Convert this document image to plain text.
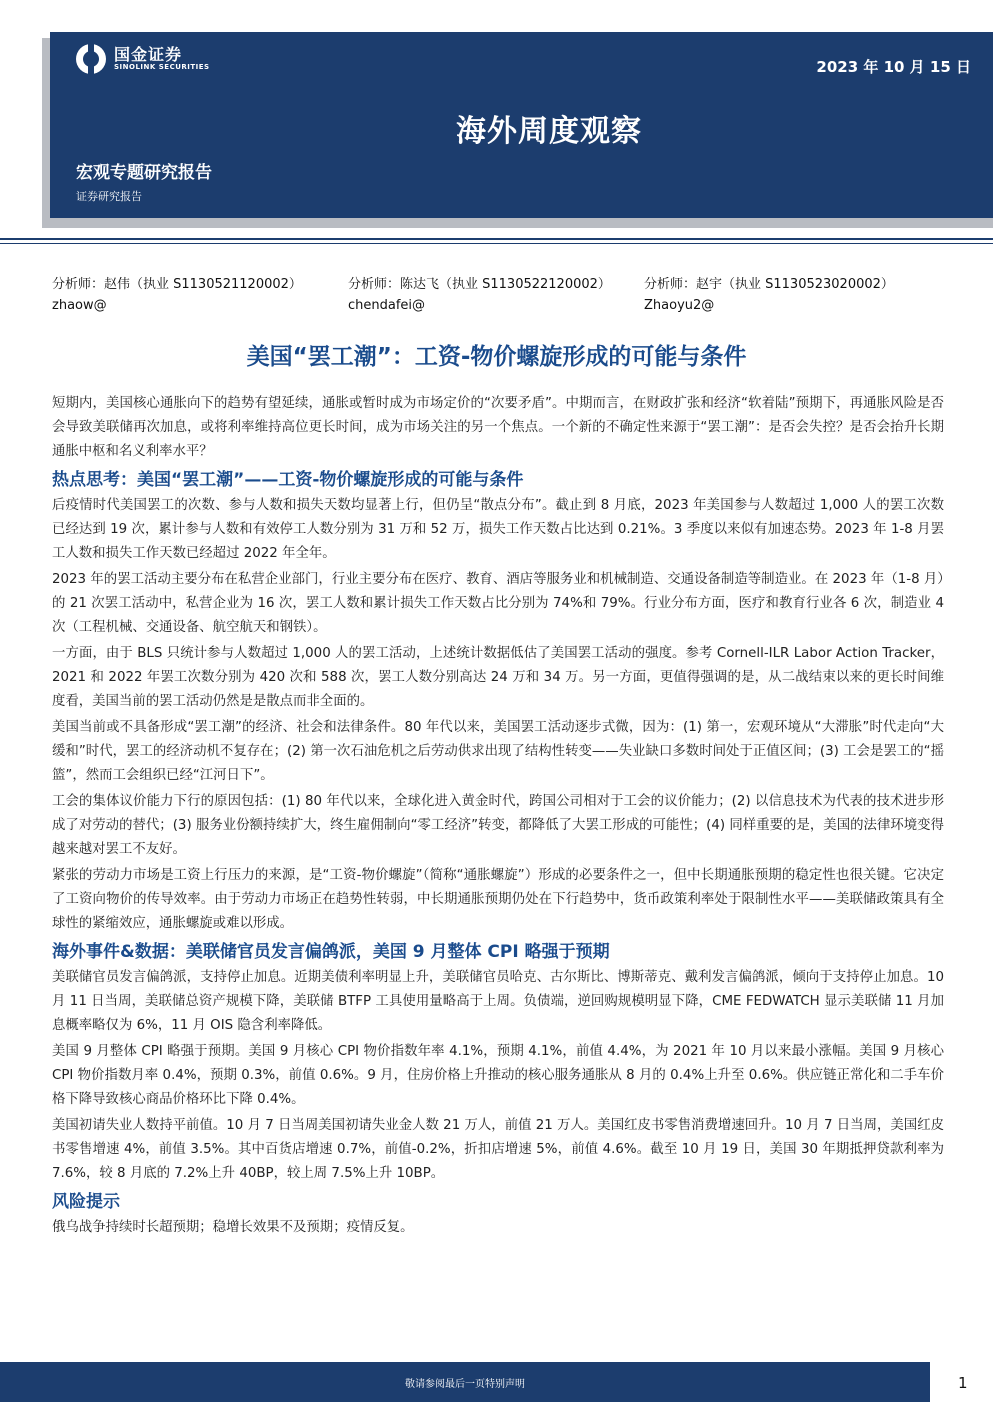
国金证券
SINOLINK SECURITIES	2023 年 10 月 15 日
海外周度观察
宏观专题研究报告
证券研究报告
分析师：赵伟（执业 S1130521120002）
zhaow@
分析师：陈达飞（执业 S1130522120002）
chendafei@
分析师：赵宇（执业 S1130523020002）
Zhaoyu2@
美国“罢工潮”：工资-物价螺旋形成的可能与条件

短期内，美国核心通胀向下的趋势有望延续，通胀或暂时成为市场定价的“次要矛盾”。中期而言，在财政扩张和经济“软着陆”预期下，再通胀风险是否会导致美联储再次加息，或将利率维持高位更长时间，成为市场关注的另一个焦点。一个新的不确定性来源于“罢工潮”：是否会失控？是否会抬升长期通胀中枢和名义利率水平？

热点思考：美国“罢工潮”——工资-物价螺旋形成的可能与条件

后疫情时代美国罢工的次数、参与人数和损失天数均显著上行，但仍呈“散点分布”。截止到 8 月底，2023 年美国参与人数超过 1,000 人的罢工次数已经达到 19 次，累计参与人数和有效停工人数分别为 31 万和 52 万，损失工作天数占比达到 0.21%。3 季度以来似有加速态势。2023 年 1-8 月罢工人数和损失工作天数已经超过 2022 年全年。

2023 年的罢工活动主要分布在私营企业部门，行业主要分布在医疗、教育、酒店等服务业和机械制造、交通设备制造等制造业。在 2023 年（1-8 月）的 21 次罢工活动中，私营企业为 16 次，罢工人数和累计损失工作天数占比分别为 74%和 79%。行业分布方面，医疗和教育行业各 6 次，制造业 4 次（工程机械、交通设备、航空航天和钢铁）。

一方面，由于 BLS 只统计参与人数超过 1,000 人的罢工活动，上述统计数据低估了美国罢工活动的强度。参考 Cornell-ILR Labor Action Tracker，2021 和 2022 年罢工次数分别为 420 次和 588 次，罢工人数分别高达 24 万和 34 万。另一方面，更值得强调的是，从二战结束以来的更长时间维度看，美国当前的罢工活动仍然是是散点而非全面的。

美国当前或不具备形成“罢工潮”的经济、社会和法律条件。80 年代以来，美国罢工活动逐步式微，因为：(1) 第一，宏观环境从“大滞胀”时代走向“大缓和”时代，罢工的经济动机不复存在；(2) 第一次石油危机之后劳动供求出现了结构性转变——失业缺口多数时间处于正值区间；(3) 工会是罢工的“摇篮”，然而工会组织已经“江河日下”。

工会的集体议价能力下行的原因包括：(1) 80 年代以来，全球化进入黄金时代，跨国公司相对于工会的议价能力；(2) 以信息技术为代表的技术进步形成了对劳动的替代；(3) 服务业份额持续扩大，终生雇佣制向“零工经济”转变，都降低了大罢工形成的可能性；(4) 同样重要的是，美国的法律环境变得越来越对罢工不友好。

紧张的劳动力市场是工资上行压力的来源，是“工资-物价螺旋”（简称“通胀螺旋”）形成的必要条件之一，但中长期通胀预期的稳定性也很关键。它决定了工资向物价的传导效率。由于劳动力市场正在趋势性转弱，中长期通胀预期仍处在下行趋势中，货币政策利率处于限制性水平——美联储政策具有全球性的紧缩效应，通胀螺旋或难以形成。

海外事件&数据：美联储官员发言偏鸽派，美国 9 月整体 CPI 略强于预期

美联储官员发言偏鸽派，支持停止加息。近期美债利率明显上升，美联储官员哈克、古尔斯比、博斯蒂克、戴利发言偏鸽派，倾向于支持停止加息。10 月 11 日当周，美联储总资产规模下降，美联储 BTFP 工具使用量略高于上周。负债端，逆回购规模明显下降，CME FEDWATCH 显示美联储 11 月加息概率略仅为 6%，11 月 OIS 隐含利率降低。

美国 9 月整体 CPI 略强于预期。美国 9 月核心 CPI 物价指数年率 4.1%，预期 4.1%，前值 4.4%，为 2021 年 10 月以来最小涨幅。美国 9 月核心 CPI 物价指数月率 0.4%，预期 0.3%，前值 0.6%。9 月，住房价格上升推动的核心服务通胀从 8 月的 0.4%上升至 0.6%。供应链正常化和二手车价格下降导致核心商品价格环比下降 0.4%。

美国初请失业人数持平前值。10 月 7 日当周美国初请失业金人数 21 万人，前值 21 万人。美国红皮书零售消费增速回升。10 月 7 日当周，美国红皮书零售增速 4%，前值 3.5%。其中百货店增速 0.7%，前值-0.2%，折扣店增速 5%，前值 4.6%。截至 10 月 19 日，美国 30 年期抵押贷款利率为 7.6%，较 8 月底的 7.2%上升 40BP，较上周 7.5%上升 10BP。

风险提示

俄乌战争持续时长超预期；稳增长效果不及预期；疫情反复。

敬请参阅最后一页特别声明	1
